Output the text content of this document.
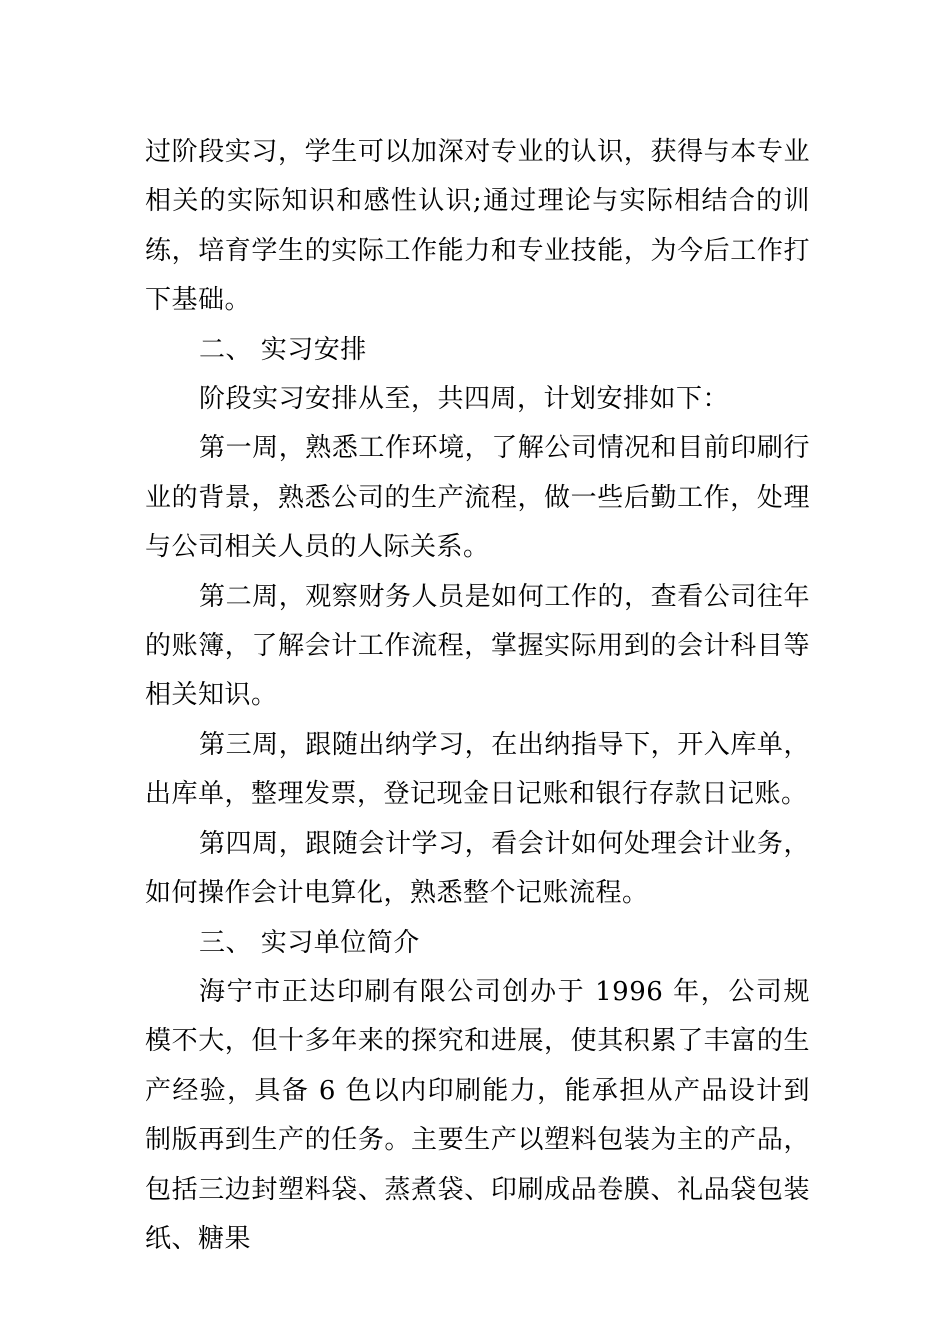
过阶段实习，学生可以加深对专业的认识，获得与本专业相关的实际知识和感性认识;通过理论与实际相结合的训练，培育学生的实际工作能力和专业技能，为今后工作打下基础。

二、 实习安排

阶段实习安排从至，共四周，计划安排如下：

第一周，熟悉工作环境，了解公司情况和目前印刷行业的背景，熟悉公司的生产流程，做一些后勤工作，处理与公司相关人员的人际关系。

第二周，观察财务人员是如何工作的，查看公司往年的账簿，了解会计工作流程，掌握实际用到的会计科目等相关知识。

第三周，跟随出纳学习，在出纳指导下，开入库单，出库单，整理发票，登记现金日记账和银行存款日记账。

第四周，跟随会计学习，看会计如何处理会计业务，如何操作会计电算化，熟悉整个记账流程。

三、 实习单位简介

海宁市正达印刷有限公司创办于 1996 年，公司规模不大，但十多年来的探究和进展，使其积累了丰富的生产经验，具备 6 色以内印刷能力，能承担从产品设计到制版再到生产的任务。主要生产以塑料包装为主的产品，包括三边封塑料袋、蒸煮袋、印刷成品卷膜、礼品袋包装纸、糖果
